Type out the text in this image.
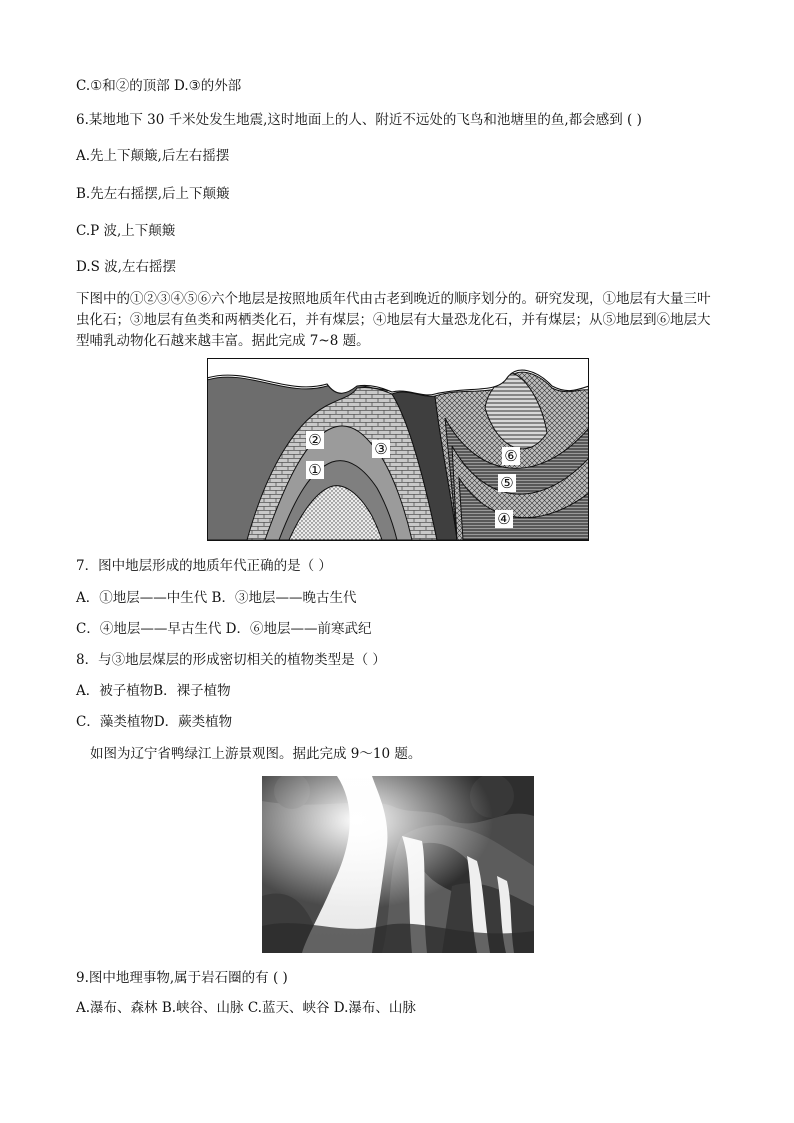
C.①和②的顶部 D.③的外部
6.某地地下 30 千米处发生地震,这时地面上的人、附近不远处的飞鸟和池塘里的鱼,都会感到 ( )
A.先上下颠簸,后左右摇摆
B.先左右摇摆,后上下颠簸
C.P 波,上下颠簸
D.S 波,左右摇摆
下图中的①②③④⑤⑥六个地层是按照地质年代由古老到晚近的顺序划分的。研究发现，①地层有大量三叶虫化石；③地层有鱼类和两栖类化石，并有煤层；④地层有大量恐龙化石，并有煤层；从⑤地层到⑥地层大型哺乳动物化石越来越丰富。据此完成 7~8 题。
②	③
①
⑥
⑤
④
7．图中地层形成的地质年代正确的是（ ）
A．①地层——中生代 B．③地层——晚古生代
C．④地层——早古生代 D．⑥地层——前寒武纪
8．与③地层煤层的形成密切相关的植物类型是（ ）
A．被子植物B．裸子植物
C．藻类植物D．蕨类植物
如图为辽宁省鸭绿江上游景观图。据此完成 9～10 题。
9.图中地理事物,属于岩石圈的有 ( )
A.瀑布、森林 B.峡谷、山脉 C.蓝天、峡谷 D.瀑布、山脉
